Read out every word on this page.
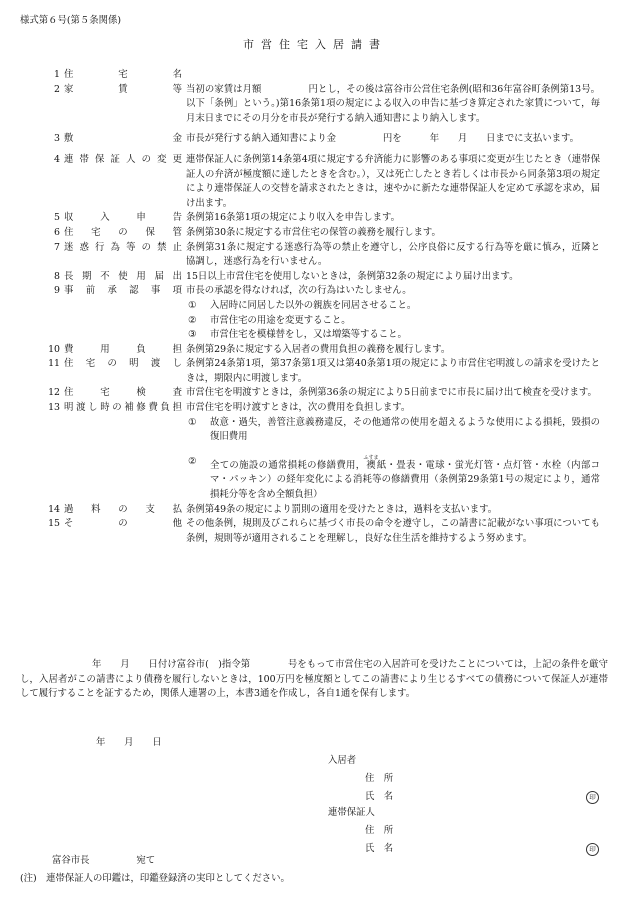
様式第６号(第５条関係)
市営住宅入居請書
1 住宅名

2 家賃等 当初の家賃は月額　　　　　円とし，その後は富谷市公営住宅条例(昭和36年富谷町条例第13号。以下「条例」という。)第16条第1項の規定による収入の申告に基づき算定された家賃について，毎月末日までにその月分を市長が発行する納入通知書により納入します。

3 敷金 市長が発行する納入通知書により金　　　　　円を　　　年　　月　　日までに支払います。

4 連帯保証人の変更 連帯保証人に条例第14条第4項に規定する弁済能力に影響のある事項に変更が生じたとき（連帯保証人の弁済が極度額に達したときを含む。），又は死亡したとき若しくは市長から同条第3項の規定により連帯保証人の交替を請求されたときは，速やかに新たな連帯保証人を定めて承認を求め，届け出ます。

5 収入申告 条例第16条第1項の規定により収入を申告します。

6 住宅の保管 条例第30条に規定する市営住宅の保管の義務を履行します。

7 迷惑行為等の禁止 条例第31条に規定する迷惑行為等の禁止を遵守し，公序良俗に反する行為等を厳に慎み，近隣と協調し，迷惑行為を行いません。

8 長期不使用届出 15日以上市営住宅を使用しないときは，条例第32条の規定により届け出ます。

9 事前承認事項 市長の承認を得なければ，次の行為はいたしません。

①	入居時に同居した以外の親族を同居させること。
②	市営住宅の用途を変更すること。
③	市営住宅を模様替をし，又は増築等すること。
10 費用負担 条例第29条に規定する入居者の費用負担の義務を履行します。

11 住宅の明渡し 条例第24条第1項，第37条第1項又は第40条第1項の規定により市営住宅明渡しの請求を受けたときは，期限内に明渡します。

12 住宅検査 市営住宅を明渡すときは，条例第36条の規定により5日前までに市長に届け出て検査を受けます。

13 明渡し時の補修費負担 市営住宅を明け渡すときは，次の費用を負担します。

①	故意・過失，善管注意義務違反，その他通常の使用を超えるような使用による損耗，毀損の復旧費用
②	全ての施設の通常損耗の修繕費用，襖ふすま紙・畳表・電球・蛍光灯管・点灯管・水栓（内部コマ・パッキン）の経年変化による消耗等の修繕費用（条例第29条第1号の規定により，通常損耗分等を含め全額負担）
14 過料の支払 条例第49条の規定により罰則の適用を受けたときは，過料を支払います。

15 その他 その他条例，規則及びこれらに基づく市長の命令を遵守し，この請書に記載がない事項についても条例，規則等が適用されることを理解し，良好な住生活を維持するよう努めます。

年　　月　　日付け富谷市(　)指令第　　　　号をもって市営住宅の入居許可を受けたことについては，上記の条件を厳守し，入居者がこの請書により債務を履行しないときは，100万円を極度額としてこの請書により生じるすべての債務について保証人が連帯して履行することを証するため，関係人連署の上，本書3通を作成し，各自1通を保有します。

年　　月　　日
入居者
住　所
氏　名	印
連帯保証人
住　所
氏　名	印
富谷市長　　　　　宛て
(注)　連帯保証人の印鑑は，印鑑登録済の実印としてください。
